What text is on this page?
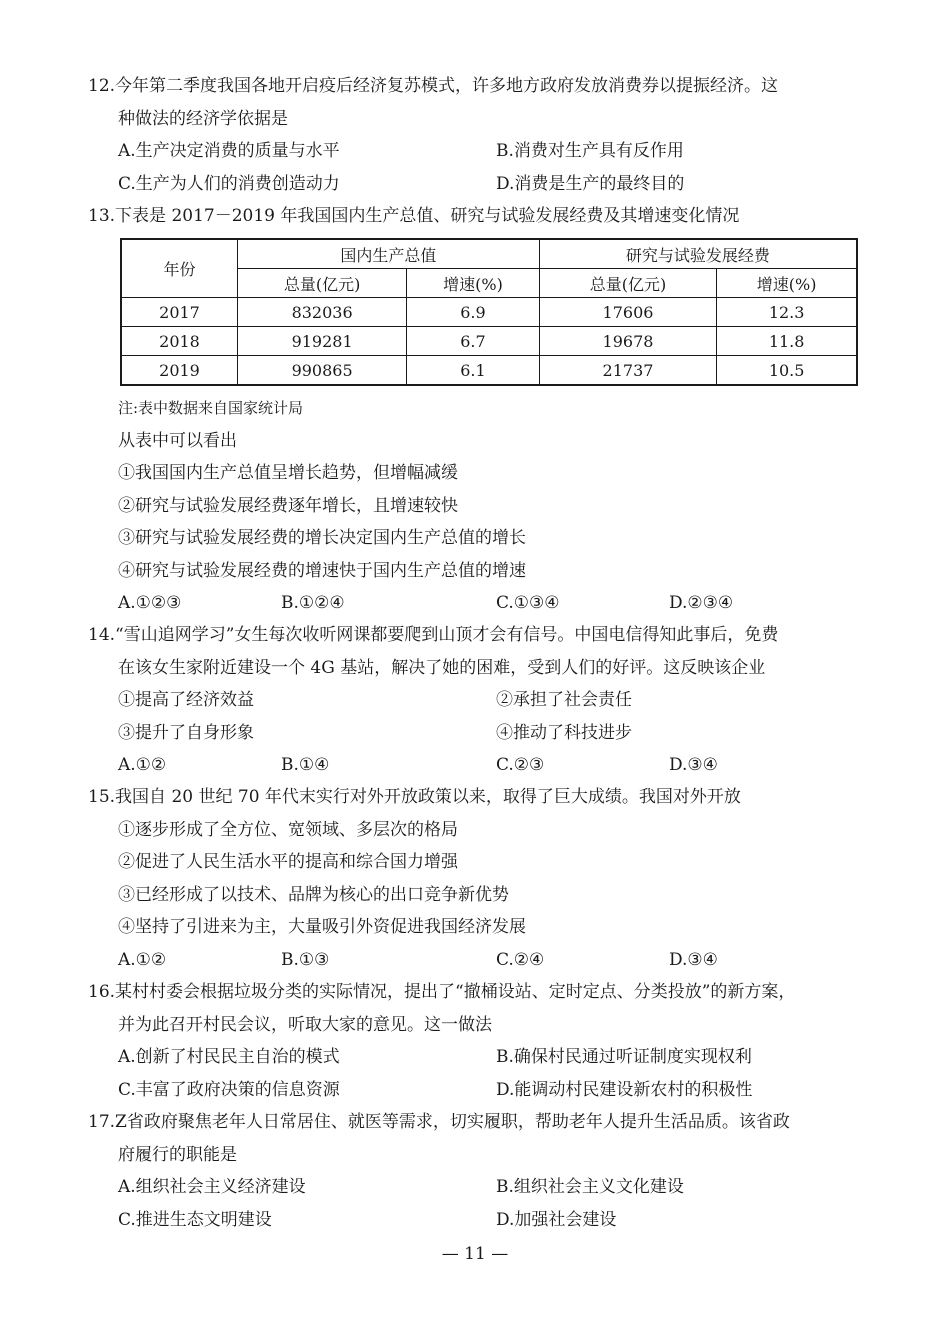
12.今年第二季度我国各地开启疫后经济复苏模式，许多地方政府发放消费券以提振经济。这
种做法的经济学依据是
A.生产决定消费的质量与水平	B.消费对生产具有反作用
C.生产为人们的消费创造动力	D.消费是生产的最终目的
13.下表是 2017－2019 年我国国内生产总值、研究与试验发展经费及其增速变化情况
年份	国内生产总值		研究与试验发展经费	
	总量(亿元)	增速(%)	总量(亿元)	增速(%)
2017	832036	6.9	17606	12.3
2018	919281	6.7	19678	11.8
2019	990865	6.1	21737	10.5
注:表中数据来自国家统计局
从表中可以看出
①我国国内生产总值呈增长趋势，但增幅减缓
②研究与试验发展经费逐年增长，且增速较快
③研究与试验发展经费的增长决定国内生产总值的增长
④研究与试验发展经费的增速快于国内生产总值的增速
A.①②③	B.①②④	C.①③④	D.②③④
14.“雪山追网学习”女生每次收听网课都要爬到山顶才会有信号。中国电信得知此事后，免费
在该女生家附近建设一个 4G 基站，解决了她的困难，受到人们的好评。这反映该企业
①提高了经济效益	②承担了社会责任
③提升了自身形象	④推动了科技进步
A.①②	B.①④	C.②③	D.③④
15.我国自 20 世纪 70 年代末实行对外开放政策以来，取得了巨大成绩。我国对外开放
①逐步形成了全方位、宽领域、多层次的格局
②促进了人民生活水平的提高和综合国力增强
③已经形成了以技术、品牌为核心的出口竞争新优势
④坚持了引进来为主，大量吸引外资促进我国经济发展
A.①②	B.①③	C.②④	D.③④
16.某村村委会根据垃圾分类的实际情况，提出了“撤桶设站、定时定点、分类投放”的新方案，
并为此召开村民会议，听取大家的意见。这一做法
A.创新了村民民主自治的模式	B.确保村民通过听证制度实现权利
C.丰富了政府决策的信息资源	D.能调动村民建设新农村的积极性
17.Z省政府聚焦老年人日常居住、就医等需求，切实履职，帮助老年人提升生活品质。该省政
府履行的职能是
A.组织社会主义经济建设	B.组织社会主义文化建设
C.推进生态文明建设	D.加强社会建设
— 11 —
